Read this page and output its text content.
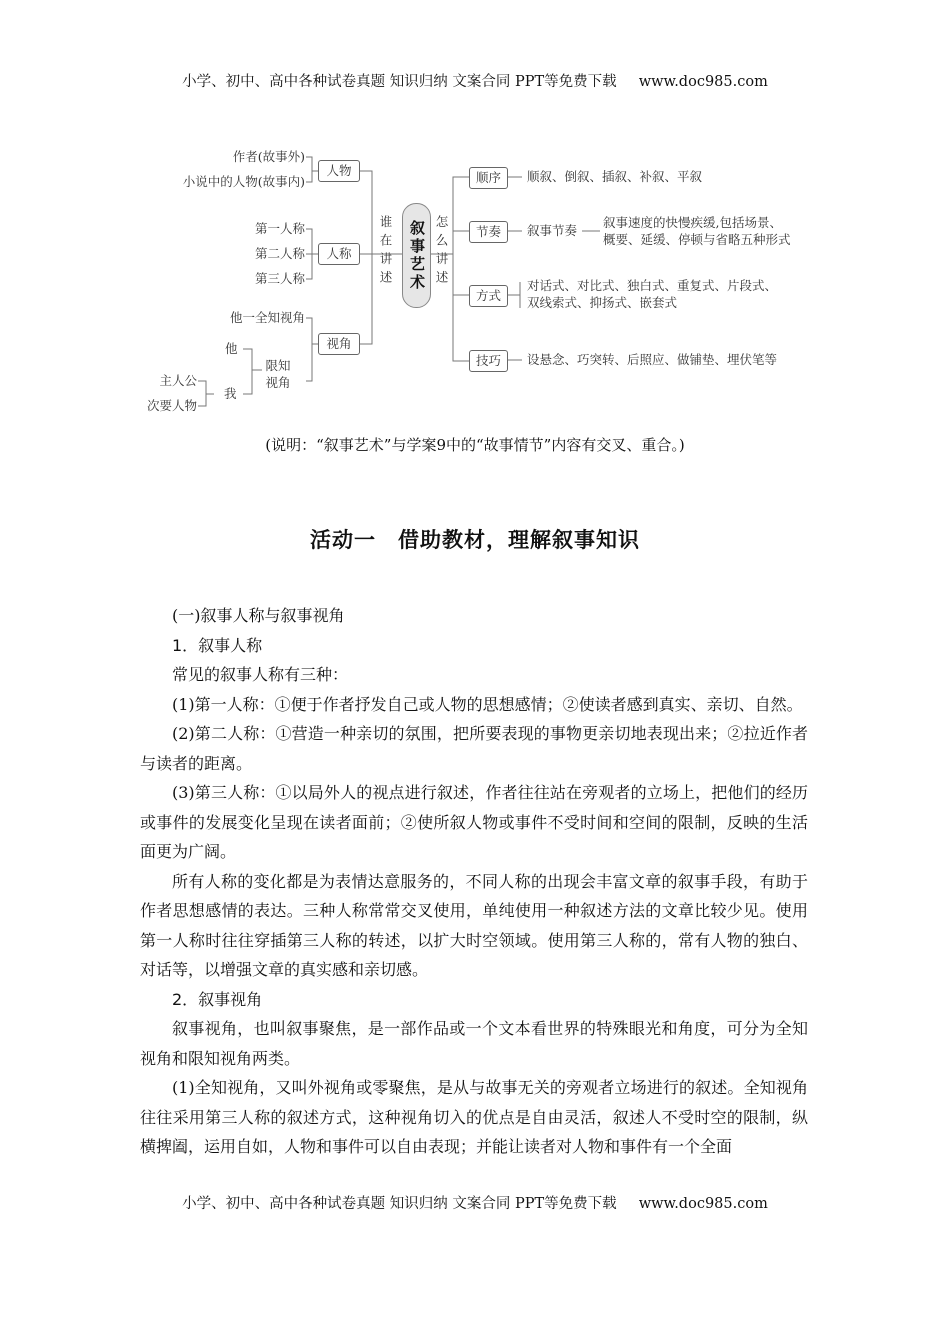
小学、初中、高中各种试卷真题 知识归纳 文案合同 PPT等免费下载 www.doc985.com
作者(故事外)
小说中的人物(故事内)
第一人称
第二人称
第三人称
他一全知视角
限知视角
他
我
主人公
次要人物
人物
人称
视角
谁在讲述	叙事艺术 怎么讲述
顺序
节奏
方式
技巧
顺叙、倒叙、插叙、补叙、平叙
叙事节奏
叙事速度的快慢疾缓,包括场景、
概要、延缓、停顿与省略五种形式
对话式、对比式、独白式、重复式、片段式、
双线索式、抑扬式、嵌套式
设悬念、巧突转、后照应、做铺垫、埋伏笔等
(说明：“叙事艺术”与学案9中的“故事情节”内容有交叉、重合。)
活动一　借助教材，理解叙事知识

(一)叙事人称与叙事视角

1．叙事人称

常见的叙事人称有三种：

(1)第一人称：①便于作者抒发自己或人物的思想感情；②使读者感到真实、亲切、自然。

(2)第二人称：①营造一种亲切的氛围，把所要表现的事物更亲切地表现出来；②拉近作者与读者的距离。

(3)第三人称：①以局外人的视点进行叙述，作者往往站在旁观者的立场上，把他们的经历或事件的发展变化呈现在读者面前；②使所叙人物或事件不受时间和空间的限制，反映的生活面更为广阔。

所有人称的变化都是为表情达意服务的，不同人称的出现会丰富文章的叙事手段，有助于作者思想感情的表达。三种人称常常交叉使用，单纯使用一种叙述方法的文章比较少见。使用第一人称时往往穿插第三人称的转述，以扩大时空领域。使用第三人称的，常有人物的独白、对话等，以增强文章的真实感和亲切感。

2．叙事视角

叙事视角，也叫叙事聚焦，是一部作品或一个文本看世界的特殊眼光和角度，可分为全知视角和限知视角两类。

(1)全知视角，又叫外视角或零聚焦，是从与故事无关的旁观者立场进行的叙述。全知视角往往采用第三人称的叙述方式，这种视角切入的优点是自由灵活，叙述人不受时空的限制，纵横捭阖，运用自如，人物和事件可以自由表现；并能让读者对人物和事件有一个全面

小学、初中、高中各种试卷真题 知识归纳 文案合同 PPT等免费下载 www.doc985.com
